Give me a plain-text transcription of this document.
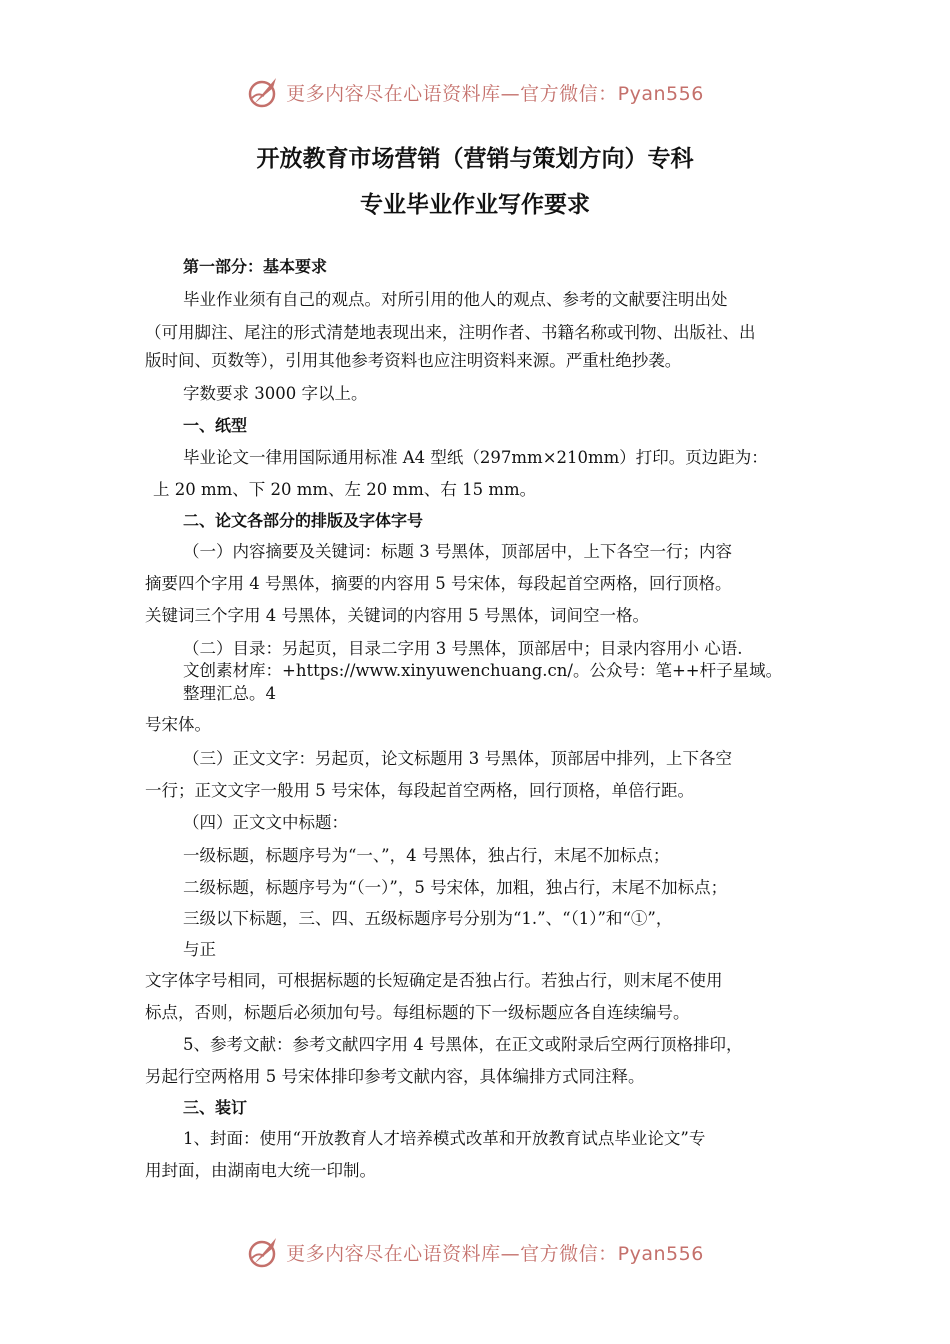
更多内容尽在心语资料库—官方微信：Pyan556
开放教育市场营销（营销与策划方向）专科
专业毕业作业写作要求
第一部分：基本要求
毕业作业须有自己的观点。对所引用的他人的观点、参考的文献要注明出处
（可用脚注、尾注的形式清楚地表现出来，注明作者、书籍名称或刊物、出版社、出
版时间、页数等），引用其他参考资料也应注明资料来源。严重杜绝抄袭。
字数要求 3000 字以上。
一、纸型
毕业论文一律用国际通用标准 A4 型纸（297mm×210mm）打印。页边距为：
上 20 mm、下 20 mm、左 20 mm、右 15 mm。
二、论文各部分的排版及字体字号
（一）内容摘要及关键词：标题 3 号黑体，顶部居中，上下各空一行；内容
摘要四个字用 4 号黑体，摘要的内容用 5 号宋体，每段起首空两格，回行顶格。
关键词三个字用 4 号黑体，关键词的内容用 5 号黑体，词间空一格。
（二）目录：另起页，目录二字用 3 号黑体，顶部居中；目录内容用小 心语.
文创素材库：+https://www.xinyuwenchuang.cn/。公众号：笔++杆子星域。
整理汇总。4
号宋体。
（三）正文文字：另起页，论文标题用 3 号黑体，顶部居中排列，上下各空
一行；正文文字一般用 5 号宋体，每段起首空两格，回行顶格，单倍行距。
（四）正文文中标题：
一级标题，标题序号为“一、”，4 号黑体，独占行，末尾不加标点；
二级标题，标题序号为“（一）”，5 号宋体，加粗，独占行，末尾不加标点；
三级以下标题，三、四、五级标题序号分别为“1.”、“（1）”和“①”，
与正
文字体字号相同，可根据标题的长短确定是否独占行。若独占行，则末尾不使用
标点，否则，标题后必须加句号。每组标题的下一级标题应各自连续编号。
5、参考文献：参考文献四字用 4 号黑体，在正文或附录后空两行顶格排印，
另起行空两格用 5 号宋体排印参考文献内容，具体编排方式同注释。
三、装订
1、封面：使用“开放教育人才培养模式改革和开放教育试点毕业论文”专
用封面，由湖南电大统一印制。
更多内容尽在心语资料库—官方微信：Pyan556
